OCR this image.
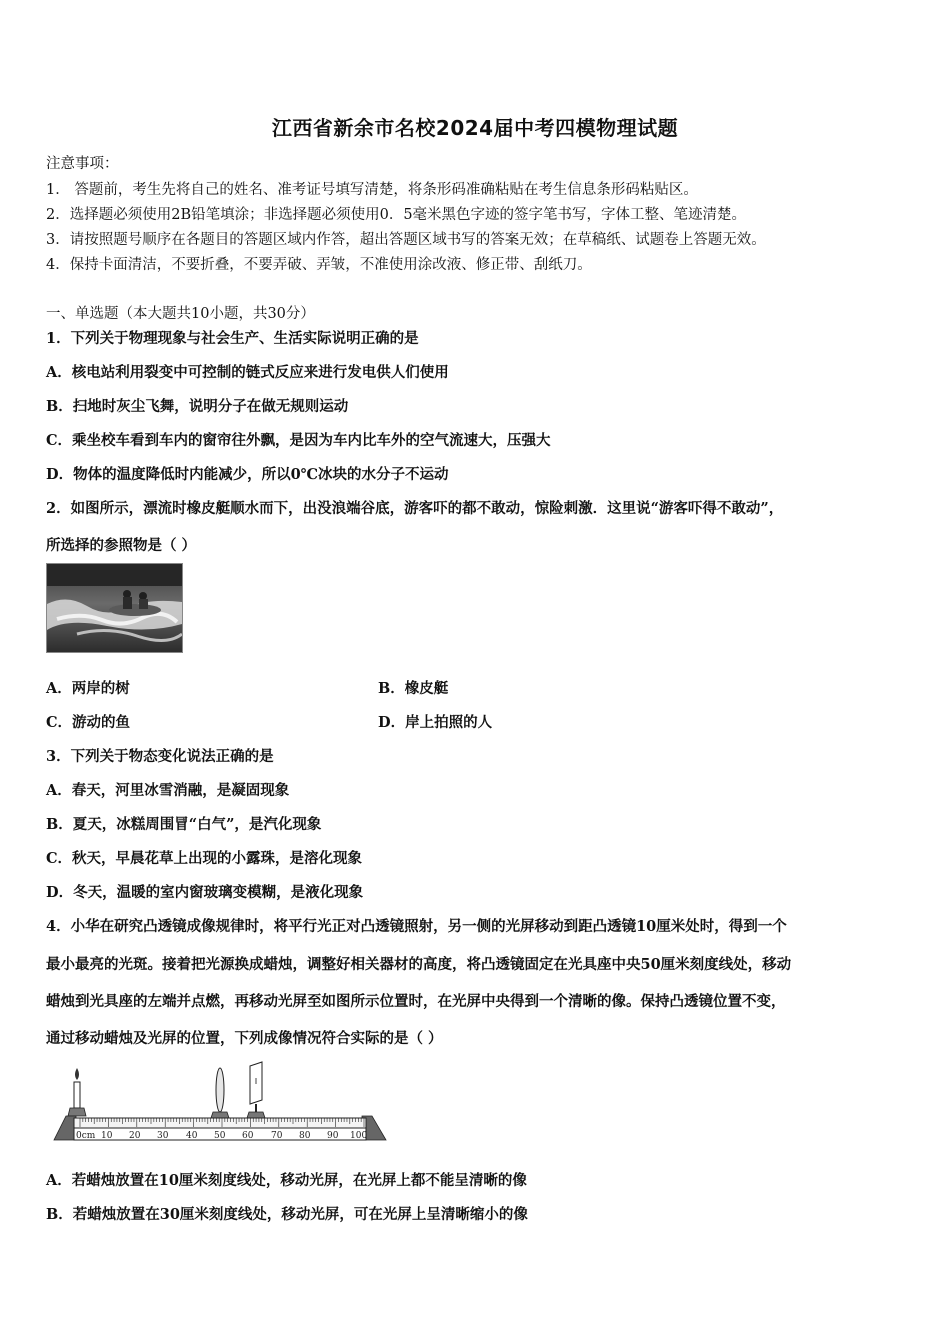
江西省新余市名校2024届中考四模物理试题
注意事项：
1． 答题前，考生先将自己的姓名、准考证号填写清楚，将条形码准确粘贴在考生信息条形码粘贴区。
2．选择题必须使用2B铅笔填涂；非选择题必须使用0．5毫米黑色字迹的签字笔书写，字体工整、笔迹清楚。
3．请按照题号顺序在各题目的答题区域内作答，超出答题区域书写的答案无效；在草稿纸、试题卷上答题无效。
4．保持卡面清洁，不要折叠，不要弄破、弄皱，不准使用涂改液、修正带、刮纸刀。
一、单选题（本大题共10小题，共30分）
1．下列关于物理现象与社会生产、生活实际说明正确的是
A．核电站利用裂变中可控制的链式反应来进行发电供人们使用
B．扫地时灰尘飞舞，说明分子在做无规则运动
C．乘坐校车看到车内的窗帘往外飘，是因为车内比车外的空气流速大，压强大
D．物体的温度降低时内能减少，所以0℃冰块的水分子不运动
2．如图所示，漂流时橡皮艇顺水而下，出没浪端谷底，游客吓的都不敢动，惊险刺激．这里说“游客吓得不敢动”，
所选择的参照物是（ ）
A．两岸的树	B．橡皮艇
C．游动的鱼	D．岸上拍照的人
3．下列关于物态变化说法正确的是
A．春天，河里冰雪消融，是凝固现象
B．夏天，冰糕周围冒“白气”，是汽化现象
C．秋天，早晨花草上出现的小露珠，是溶化现象
D．冬天，温暖的室内窗玻璃变模糊，是液化现象
4．小华在研究凸透镜成像规律时，将平行光正对凸透镜照射，另一侧的光屏移动到距凸透镜10厘米处时，得到一个
最小最亮的光斑。接着把光源换成蜡烛，调整好相关器材的高度，将凸透镜固定在光具座中央50厘米刻度线处，移动
蜡烛到光具座的左端并点燃，再移动光屏至如图所示位置时，在光屏中央得到一个清晰的像。保持凸透镜位置不变，
通过移动蜡烛及光屏的位置，下列成像情况符合实际的是（ ）
0cm 10 20 30 40 50 60 70 80 90 100
A．若蜡烛放置在10厘米刻度线处，移动光屏，在光屏上都不能呈清晰的像
B．若蜡烛放置在30厘米刻度线处，移动光屏，可在光屏上呈清晰缩小的像
